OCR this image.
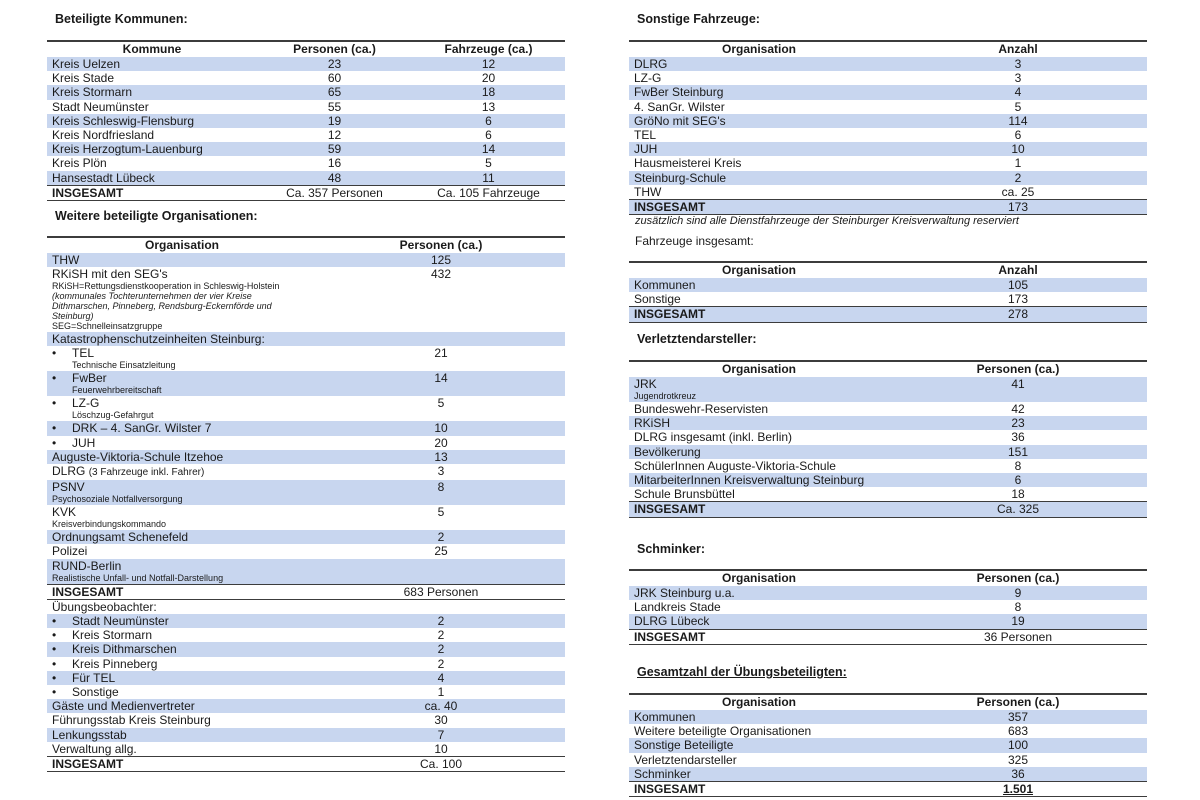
Beteiligte Kommunen:
Kommune	Personen (ca.)	Fahrzeuge (ca.)
Kreis Uelzen	23	12
Kreis Stade	60	20
Kreis Stormarn	65	18
Stadt Neumünster	55	13
Kreis Schleswig-Flensburg	19	6
Kreis Nordfriesland	12	6
Kreis Herzogtum-Lauenburg	59	14
Kreis Plön	16	5
Hansestadt Lübeck	48	11
INSGESAMT	Ca. 357 Personen	Ca. 105 Fahrzeuge
Weitere beteiligte Organisationen:
Organisation	Personen (ca.)
THW	125
RKiSH mit den SEG's
RKiSH=Rettungsdienstkooperation in Schleswig-Holstein (kommunales Tochterunternehmen der vier Kreise Dithmarschen, Pinneberg, Rendsburg-Eckernförde und Steinburg)
SEG=Schnelleinsatzgruppe	432
Katastrophenschutzeinheiten Steinburg:	
• TEL
Technische Einsatzleitung	21
• FwBer
Feuerwehrbereitschaft	14
• LZ-G
Löschzug-Gefahrgut	5
• DRK – 4. SanGr. Wilster 7	10
• JUH	20
Auguste-Viktoria-Schule Itzehoe	13
DLRG (3 Fahrzeuge inkl. Fahrer)	3
PSNV
Psychosoziale Notfallversorgung	8
KVK
Kreisverbindungskommando	5
Ordnungsamt Schenefeld	2
Polizei	25
RUND-Berlin
Realistische Unfall- und Notfall-Darstellung	

INSGESAMT	683 Personen
Übungsbeobachter:	
• Stadt Neumünster	2
• Kreis Stormarn	2
• Kreis Dithmarschen	2
• Kreis Pinneberg	2
• Für TEL	4
• Sonstige	1
Gäste und Medienvertreter	ca. 40
Führungsstab Kreis Steinburg	30
Lenkungsstab	7
Verwaltung allg.	10
INSGESAMT	Ca. 100
Sonstige Fahrzeuge:
Organisation	Anzahl
DLRG	3
LZ-G	3
FwBer Steinburg	4
4. SanGr. Wilster	5
GröNo mit SEG's	114
TEL	6
JUH	10
Hausmeisterei Kreis	1
Steinburg-Schule	2
THW	ca. 25
INSGESAMT	173
zusätzlich sind alle Dienstfahrzeuge der Steinburger Kreisverwaltung reserviert
Fahrzeuge insgesamt:
Organisation	Anzahl
Kommunen	105
Sonstige	173
INSGESAMT	278
Verletztendarsteller:
Organisation	Personen (ca.)
JRK
Jugendrotkreuz	41
Bundeswehr-Reservisten	42
RKiSH	23
DLRG insgesamt (inkl. Berlin)	36
Bevölkerung	151
SchülerInnen Auguste-Viktoria-Schule	8
MitarbeiterInnen Kreisverwaltung Steinburg	6
Schule Brunsbüttel	18
INSGESAMT	Ca. 325
Schminker:
Organisation	Personen (ca.)
JRK Steinburg u.a.	9
Landkreis Stade	8
DLRG Lübeck	19
INSGESAMT	36 Personen
Gesamtzahl der Übungsbeteiligten:
Organisation	Personen (ca.)
Kommunen	357
Weitere beteiligte Organisationen	683
Sonstige Beteiligte	100
Verletztendarsteller	325
Schminker	36
INSGESAMT	1.501
